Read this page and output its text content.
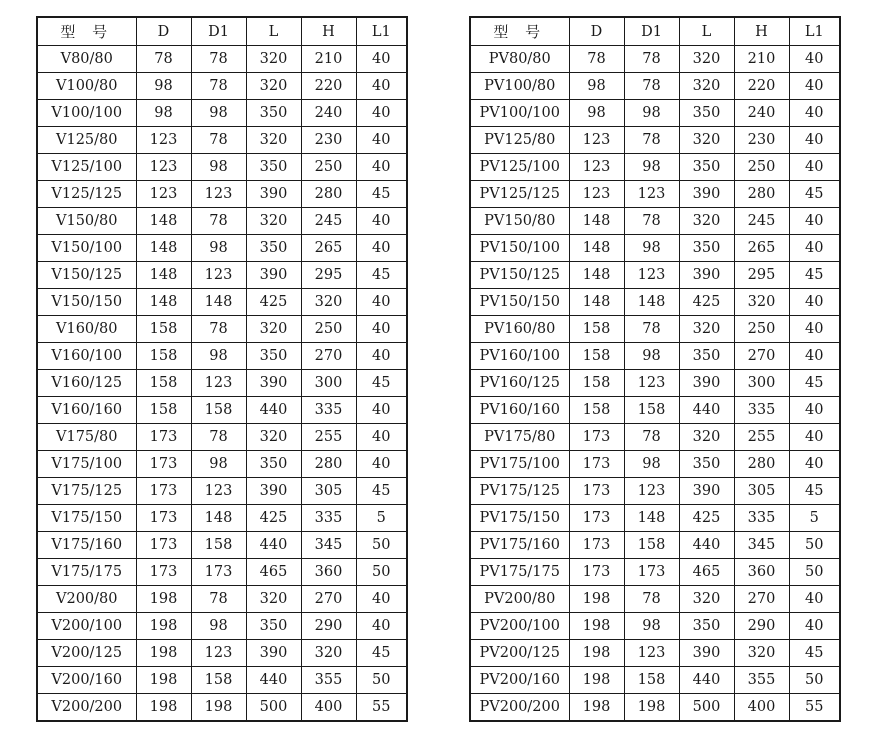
型 号	D	D1	L	H	L1
V80/80	78	78	320	210	40
V100/80	98	78	320	220	40
V100/100	98	98	350	240	40
V125/80	123	78	320	230	40
V125/100	123	98	350	250	40
V125/125	123	123	390	280	45
V150/80	148	78	320	245	40
V150/100	148	98	350	265	40
V150/125	148	123	390	295	45
V150/150	148	148	425	320	40
V160/80	158	78	320	250	40
V160/100	158	98	350	270	40
V160/125	158	123	390	300	45
V160/160	158	158	440	335	40
V175/80	173	78	320	255	40
V175/100	173	98	350	280	40
V175/125	173	123	390	305	45
V175/150	173	148	425	335	5
V175/160	173	158	440	345	50
V175/175	173	173	465	360	50
V200/80	198	78	320	270	40
V200/100	198	98	350	290	40
V200/125	198	123	390	320	45
V200/160	198	158	440	355	50
V200/200	198	198	500	400	55
型 号	D	D1	L	H	L1
PV80/80	78	78	320	210	40
PV100/80	98	78	320	220	40
PV100/100	98	98	350	240	40
PV125/80	123	78	320	230	40
PV125/100	123	98	350	250	40
PV125/125	123	123	390	280	45
PV150/80	148	78	320	245	40
PV150/100	148	98	350	265	40
PV150/125	148	123	390	295	45
PV150/150	148	148	425	320	40
PV160/80	158	78	320	250	40
PV160/100	158	98	350	270	40
PV160/125	158	123	390	300	45
PV160/160	158	158	440	335	40
PV175/80	173	78	320	255	40
PV175/100	173	98	350	280	40
PV175/125	173	123	390	305	45
PV175/150	173	148	425	335	5
PV175/160	173	158	440	345	50
PV175/175	173	173	465	360	50
PV200/80	198	78	320	270	40
PV200/100	198	98	350	290	40
PV200/125	198	123	390	320	45
PV200/160	198	158	440	355	50
PV200/200	198	198	500	400	55
